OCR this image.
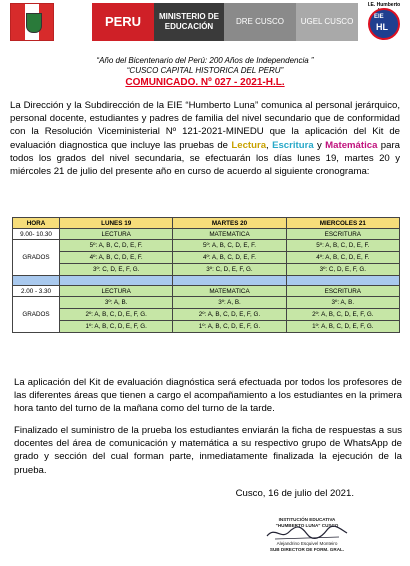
PERU	MINISTERIO DE EDUCACIÓN
DRE CUSCO	UGEL CUSCO
I.E. Humberto
EIE
HL
“Año del Bicentenario del Perú: 200 Años de Independencia ”
“CUSCO CAPITAL HISTORICA DEL PERU”
COMUNICADO. Nº 027 - 2021-H.L.
La Dirección y la Subdirección de la EIE “Humberto Luna” comunica al personal jerárquico, personal docente, estudiantes y padres de familia del nivel secundario que de conformidad con la Resolución Viceministerial Nº 121-2021-MINEDU que la aplicación del Kit de evaluación diagnostica que incluye las pruebas de Lectura, Escritura y Matemática para todos los grados del nivel secundaria, se efectuarán los días lunes 19, martes 20 y miércoles 21 de julio del presente año en curso de acuerdo al siguiente cronograma:
HORA	LUNES 19	MARTES 20	MIERCOLES 21
9.00- 10.30	LECTURA	MATEMATICA	ESCRITURA
GRADOS	5º: A, B, C, D, E, F.	5º: A, B, C, D, E, F.	5º: A, B, C, D, E, F.
	4º: A, B, C, D, E, F.	4º: A, B, C, D, E, F.	4º: A, B, C, D, E, F.
	3º: C, D, E, F, G.	3º: C, D, E, F, G.	3º: C, D, E, F, G.

2.00 - 3.30	LECTURA	MATEMATICA	ESCRITURA
GRADOS	3º: A, B.	3º: A, B.	3º: A, B.
	2º: A, B, C, D, E, F, G.	2º: A, B, C, D, E, F, G.	2º: A, B, C, D, E, F, G.
	1º: A, B, C, D, E, F, G.	1º: A, B, C, D, E, F, G.	1º: A, B, C, D, E, F, G.
La aplicación del Kit de evaluación diagnóstica será efectuada por todos los profesores de las diferentes áreas que tienen a cargo el acompañamiento a los estudiantes en la primera hora tanto del turno de la mañana como del turno de la tarde.
Finalizado el suministro de la prueba los estudiantes enviarán la ficha de respuestas a sus docentes del área de comunicación y matemática a su respectivo grupo de WhatsApp de grado y sección del cual forman parte, inmediatamente finalizada la ejecución de la prueba.
Cusco, 16 de julio del 2021.
INSTITUCIÓN EDUCATIVA
"HUMBERTO LUNA" CUSCO
Alejandrino Esquivel Monteiro
SUB DIRECTOR DE FORM. GRAL.
